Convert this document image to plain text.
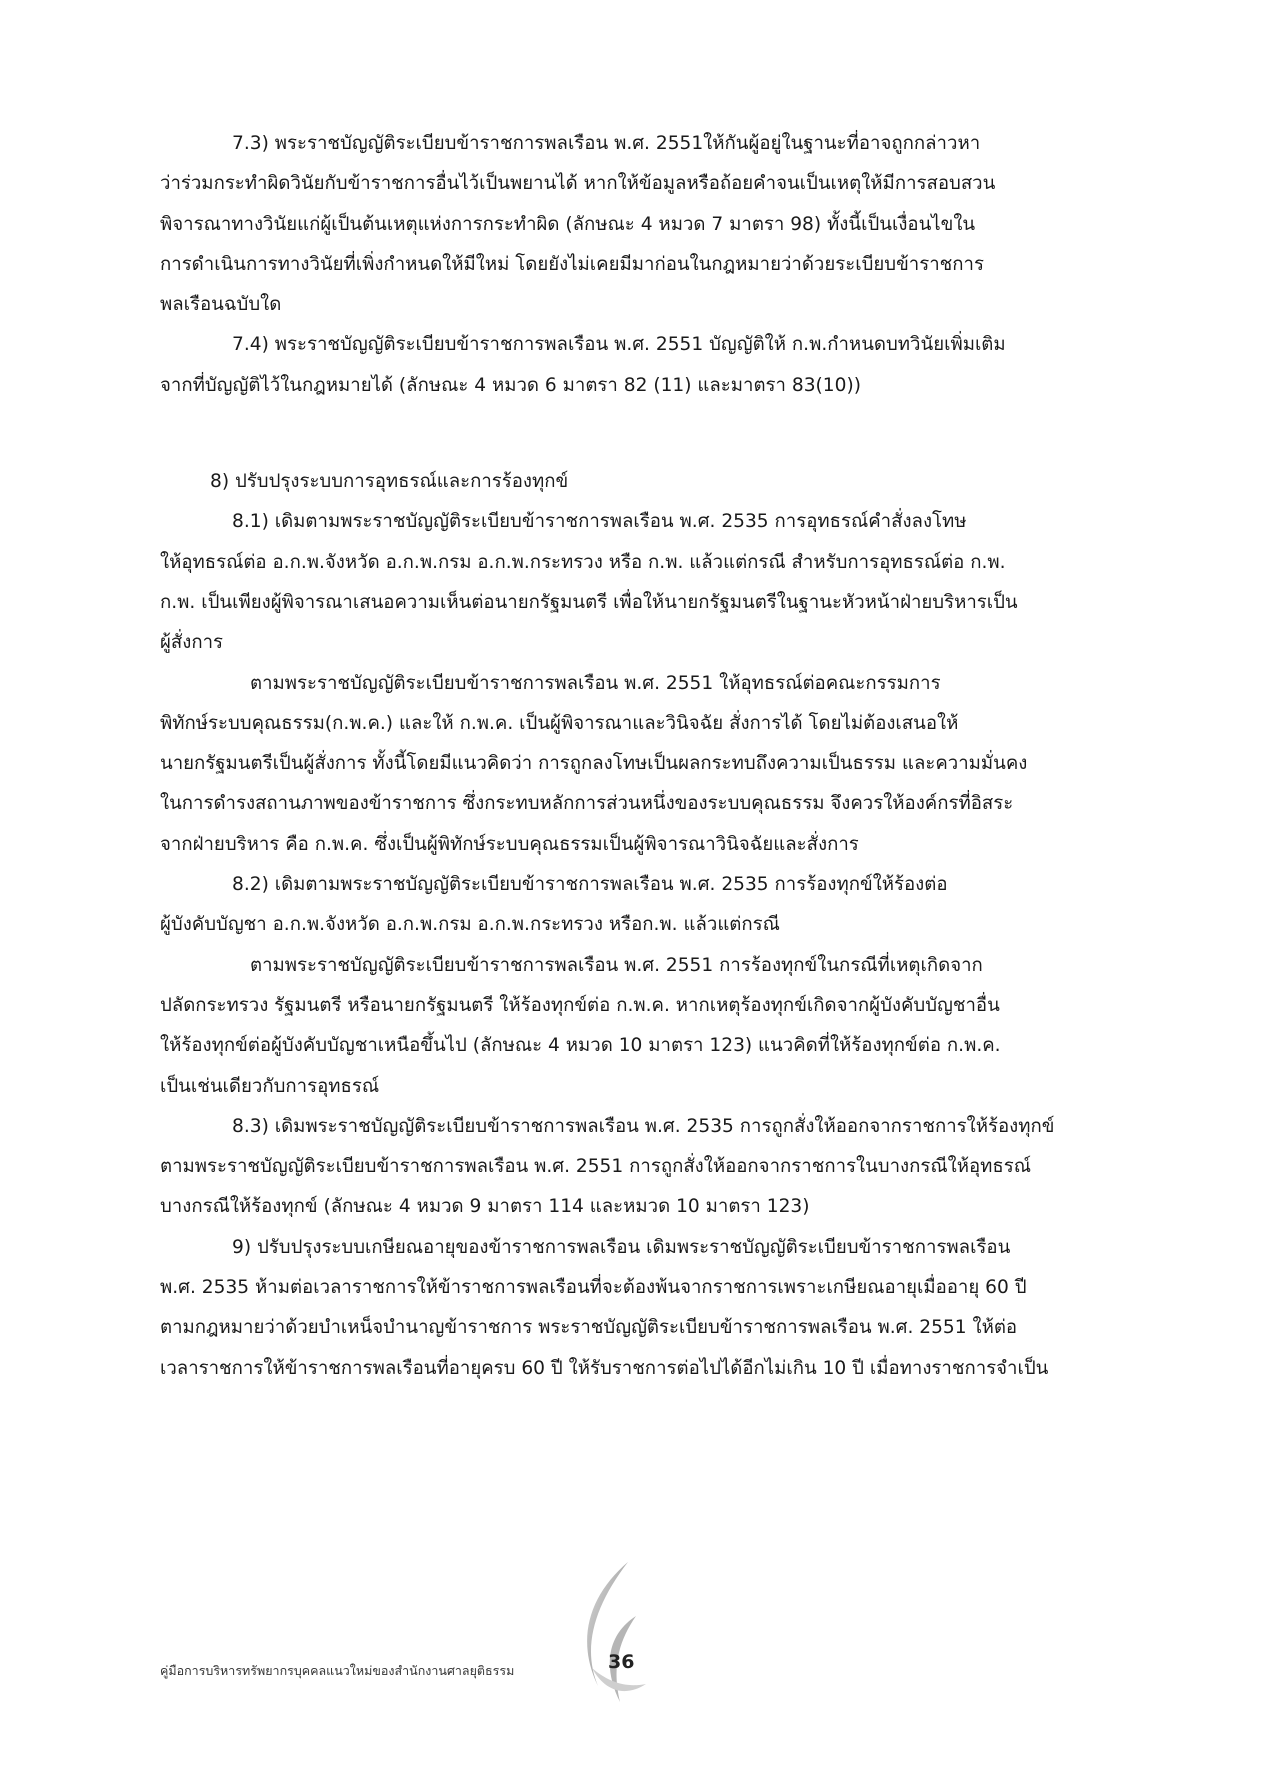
7.3) พระราชบัญญัติระเบียบข้าราชการพลเรือน พ.ศ. 2551ให้กันผู้อยู่ในฐานะที่อาจถูกกล่าวหา
ว่าร่วมกระทำผิดวินัยกับข้าราชการอื่นไว้เป็นพยานได้ หากให้ข้อมูลหรือถ้อยคำจนเป็นเหตุให้มีการสอบสวน
พิจารณาทางวินัยแก่ผู้เป็นต้นเหตุแห่งการกระทำผิด (ลักษณะ 4 หมวด 7 มาตรา 98) ทั้งนี้เป็นเงื่อนไขใน
การดำเนินการทางวินัยที่เพิ่งกำหนดให้มีใหม่ โดยยังไม่เคยมีมาก่อนในกฎหมายว่าด้วยระเบียบข้าราชการ
พลเรือนฉบับใด
7.4) พระราชบัญญัติระเบียบข้าราชการพลเรือน พ.ศ. 2551 บัญญัติให้ ก.พ.กำหนดบทวินัยเพิ่มเติม
จากที่บัญญัติไว้ในกฎหมายได้ (ลักษณะ 4 หมวด 6 มาตรา 82 (11) และมาตรา 83(10))
8) ปรับปรุงระบบการอุทธรณ์และการร้องทุกข์
8.1) เดิมตามพระราชบัญญัติระเบียบข้าราชการพลเรือน พ.ศ. 2535 การอุทธรณ์คำสั่งลงโทษ
ให้อุทธรณ์ต่อ อ.ก.พ.จังหวัด อ.ก.พ.กรม อ.ก.พ.กระทรวง หรือ ก.พ. แล้วแต่กรณี สำหรับการอุทธรณ์ต่อ ก.พ.
ก.พ. เป็นเพียงผู้พิจารณาเสนอความเห็นต่อนายกรัฐมนตรี เพื่อให้นายกรัฐมนตรีในฐานะหัวหน้าฝ่ายบริหารเป็น
ผู้สั่งการ
ตามพระราชบัญญัติระเบียบข้าราชการพลเรือน พ.ศ. 2551 ให้อุทธรณ์ต่อคณะกรรมการ
พิทักษ์ระบบคุณธรรม(ก.พ.ค.) และให้ ก.พ.ค. เป็นผู้พิจารณาและวินิจฉัย สั่งการได้ โดยไม่ต้องเสนอให้
นายกรัฐมนตรีเป็นผู้สั่งการ ทั้งนี้โดยมีแนวคิดว่า การถูกลงโทษเป็นผลกระทบถึงความเป็นธรรม และความมั่นคง
ในการดำรงสถานภาพของข้าราชการ ซึ่งกระทบหลักการส่วนหนึ่งของระบบคุณธรรม จึงควรให้องค์กรที่อิสระ
จากฝ่ายบริหาร คือ ก.พ.ค. ซึ่งเป็นผู้พิทักษ์ระบบคุณธรรมเป็นผู้พิจารณาวินิจฉัยและสั่งการ
8.2) เดิมตามพระราชบัญญัติระเบียบข้าราชการพลเรือน พ.ศ. 2535 การร้องทุกข์ให้ร้องต่อ
ผู้บังคับบัญชา อ.ก.พ.จังหวัด อ.ก.พ.กรม อ.ก.พ.กระทรวง หรือก.พ. แล้วแต่กรณี
ตามพระราชบัญญัติระเบียบข้าราชการพลเรือน พ.ศ. 2551 การร้องทุกข์ในกรณีที่เหตุเกิดจาก
ปลัดกระทรวง รัฐมนตรี หรือนายกรัฐมนตรี ให้ร้องทุกข์ต่อ ก.พ.ค. หากเหตุร้องทุกข์เกิดจากผู้บังคับบัญชาอื่น
ให้ร้องทุกข์ต่อผู้บังคับบัญชาเหนือขึ้นไป (ลักษณะ 4 หมวด 10 มาตรา 123) แนวคิดที่ให้ร้องทุกข์ต่อ ก.พ.ค.
เป็นเช่นเดียวกับการอุทธรณ์
8.3) เดิมพระราชบัญญัติระเบียบข้าราชการพลเรือน พ.ศ. 2535 การถูกสั่งให้ออกจากราชการให้ร้องทุกข์
ตามพระราชบัญญัติระเบียบข้าราชการพลเรือน พ.ศ. 2551 การถูกสั่งให้ออกจากราชการในบางกรณีให้อุทธรณ์
บางกรณีให้ร้องทุกข์ (ลักษณะ 4 หมวด 9 มาตรา 114 และหมวด 10 มาตรา 123)
9) ปรับปรุงระบบเกษียณอายุของข้าราชการพลเรือน เดิมพระราชบัญญัติระเบียบข้าราชการพลเรือน
พ.ศ. 2535 ห้ามต่อเวลาราชการให้ข้าราชการพลเรือนที่จะต้องพ้นจากราชการเพราะเกษียณอายุเมื่ออายุ 60 ปี
ตามกฎหมายว่าด้วยบำเหน็จบำนาญข้าราชการ พระราชบัญญัติระเบียบข้าราชการพลเรือน พ.ศ. 2551 ให้ต่อ
เวลาราชการให้ข้าราชการพลเรือนที่อายุครบ 60 ปี ให้รับราชการต่อไปได้อีกไม่เกิน 10 ปี เมื่อทางราชการจำเป็น
คู่มือการบริหารทรัพยากรบุคคลแนวใหม่ของสำนักงานศาลยุติธรรม	36
